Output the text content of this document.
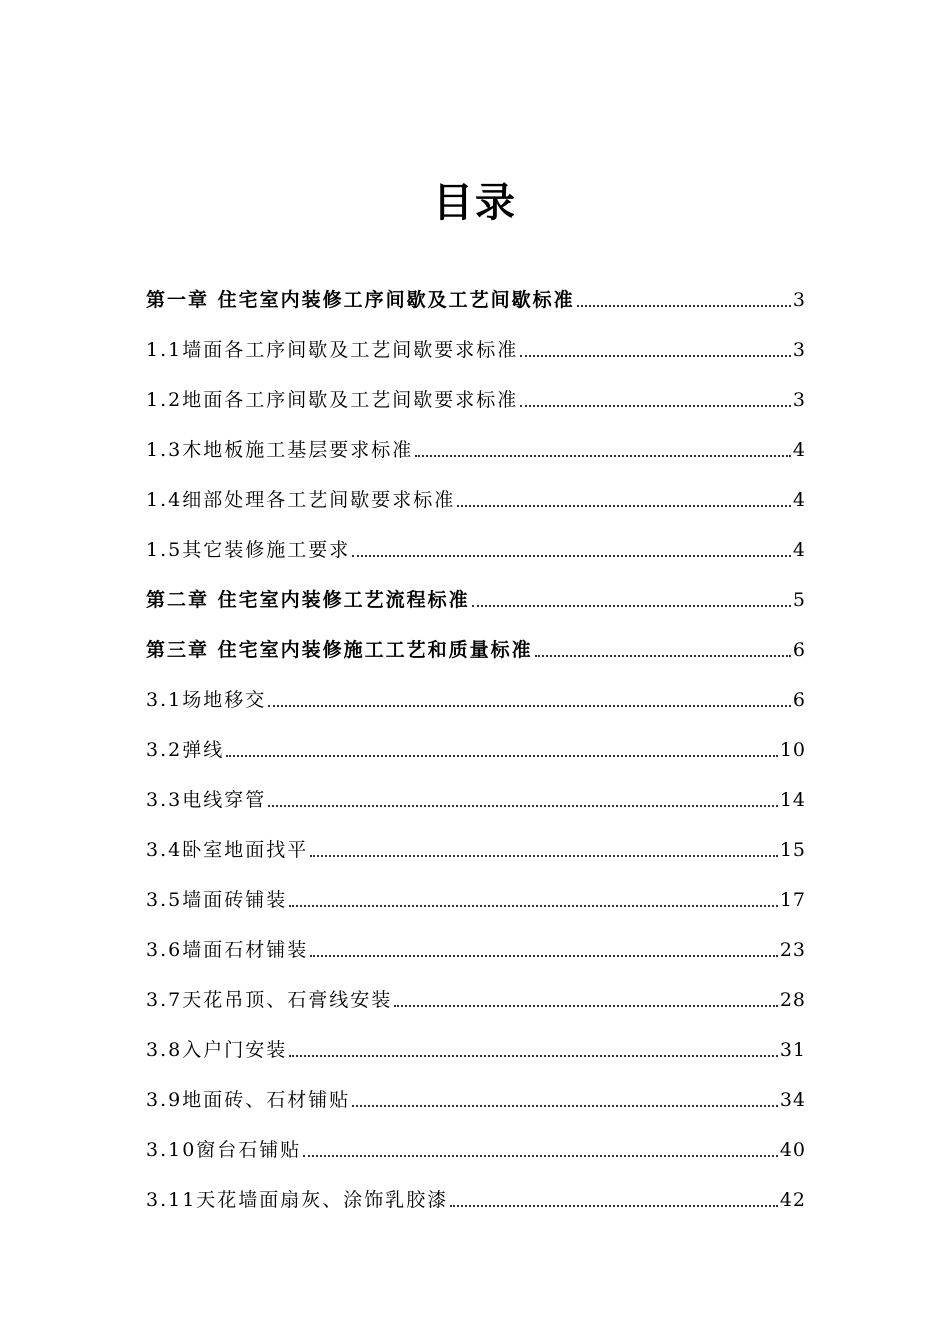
目录
第一章 住宅室内装修工序间歇及工艺间歇标准	3
1.1墙面各工序间歇及工艺间歇要求标准	3
1.2地面各工序间歇及工艺间歇要求标准	3
1.3木地板施工基层要求标准	4
1.4细部处理各工艺间歇要求标准	4
1.5其它装修施工要求	4
第二章 住宅室内装修工艺流程标准	5
第三章 住宅室内装修施工工艺和质量标准	6
3.1场地移交	6
3.2弹线	10
3.3电线穿管	14
3.4卧室地面找平	15
3.5墙面砖铺装	17
3.6墙面石材铺装	23
3.7天花吊顶、石膏线安装	28
3.8入户门安装	31
3.9地面砖、石材铺贴	34
3.10窗台石铺贴	40
3.11天花墙面扇灰、涂饰乳胶漆	42
